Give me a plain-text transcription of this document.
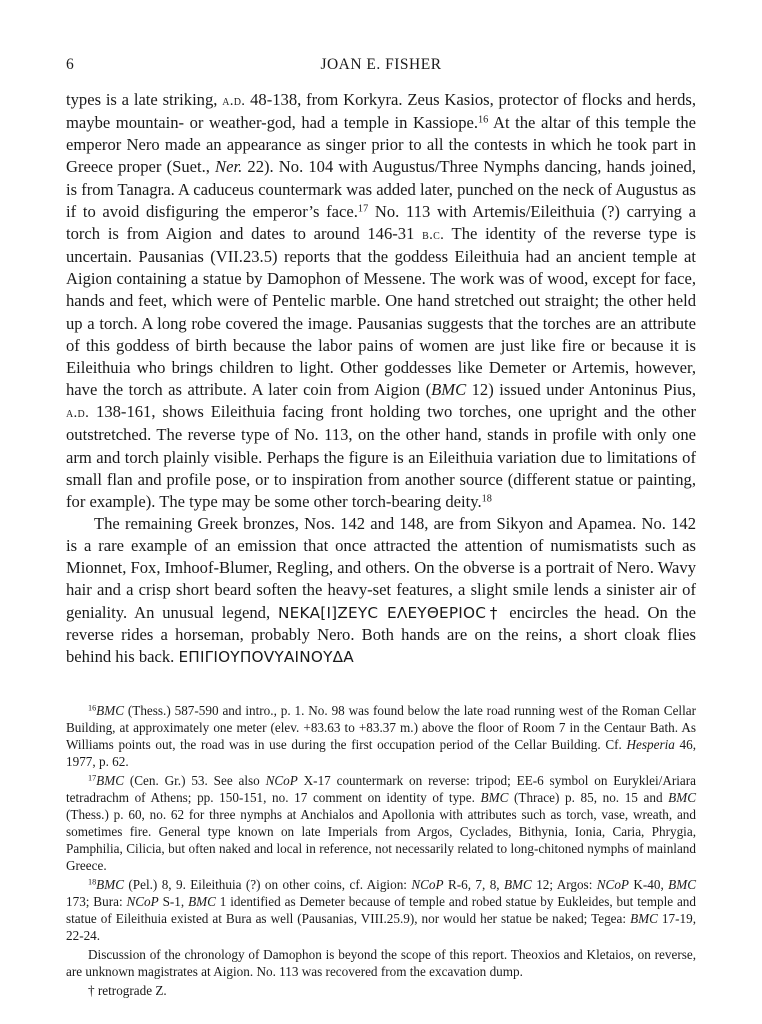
6	JOAN E. FISHER

types is a late striking, a.d. 48-138, from Korkyra. Zeus Kasios, protector of flocks and herds, maybe mountain- or weather-god, had a temple in Kassiope.$^{16}$ At the altar of this temple the emperor Nero made an appearance as singer prior to all the contests in which he took part in Greece proper (Suet., Ner. 22). No. 104 with Augustus/Three Nymphs dancing, hands joined, is from Tanagra. A caduceus countermark was added later, punched on the neck of Augustus as if to avoid disfiguring the emperor’s face.$^{17}$ No. 113 with Artemis/Eileithuia (?) carrying a torch is from Aigion and dates to around 146-31 b.c. The identity of the reverse type is uncertain. Pausanias (VII.23.5) reports that the goddess Eileithuia had an ancient temple at Aigion containing a statue by Damophon of Messene. The work was of wood, except for face, hands and feet, which were of Pentelic marble. One hand stretched out straight; the other held up a torch. A long robe covered the image. Pausanias suggests that the torches are an attribute of this goddess of birth because the labor pains of women are just like fire or because it is Eileithuia who brings children to light. Other goddesses like Demeter or Artemis, however, have the torch as attribute. A later coin from Aigion (BMC 12) issued under Antoninus Pius, a.d. 138-161, shows Eileithuia facing front holding two torches, one upright and the other outstretched. The reverse type of No. 113, on the other hand, stands in profile with only one arm and torch plainly visible. Perhaps the figure is an Eileithuia variation due to limitations of small flan and profile pose, or to inspiration from another source (different statue or painting, for example). The type may be some other torch-bearing deity.$^{18}$

The remaining Greek bronzes, Nos. 142 and 148, are from Sikyon and Apamea. No. 142 is a rare example of an emission that once attracted the attention of numismatists such as Mionnet, Fox, Imhoof-Blumer, Regling, and others. On the obverse is a portrait of Nero. Wavy hair and a crisp short beard soften the heavy-set features, a slight smile lends a sinister air of geniality. An unusual legend, ΝΕΚΑ[Ι]ΖΕΥC ΕΛΕΥΘΕΡΙΟC† encircles the head. On the reverse rides a horseman, probably Nero. Both hands are on the reins, a short cloak flies behind his back. ΕΠΙΓΙΟΥΠΟVΥΑΙΝΟΥΔΑ

$^{16}$BMC (Thess.) 587-590 and intro., p. 1. No. 98 was found below the late road running west of the Roman Cellar Building, at approximately one meter (elev. +83.63 to +83.37 m.) above the floor of Room 7 in the Centaur Bath. As Williams points out, the road was in use during the first occupation period of the Cellar Building. Cf. Hesperia 46, 1977, p. 62.

$^{17}$BMC (Cen. Gr.) 53. See also NCoP X-17 countermark on reverse: tripod; EE-6 symbol on Euryklei/Ariara tetradrachm of Athens; pp. 150-151, no. 17 comment on identity of type. BMC (Thrace) p. 85, no. 15 and BMC (Thess.) p. 60, no. 62 for three nymphs at Anchialos and Apollonia with attributes such as torch, vase, wreath, and sometimes fire. General type known on late Imperials from Argos, Cyclades, Bithynia, Ionia, Caria, Phrygia, Pamphilia, Cilicia, but often naked and local in reference, not necessarily related to long-chitoned nymphs of mainland Greece.

$^{18}$BMC (Pel.) 8, 9. Eileithuia (?) on other coins, cf. Aigion: NCoP R-6, 7, 8, BMC 12; Argos: NCoP K-40, BMC 173; Bura: NCoP S-1, BMC 1 identified as Demeter because of temple and robed statue by Eukleides, but temple and statue of Eileithuia existed at Bura as well (Pausanias, VIII.25.9), nor would her statue be naked; Tegea: BMC 17-19, 22-24.

Discussion of the chronology of Damophon is beyond the scope of this report. Theoxios and Kletaios, on reverse, are unknown magistrates at Aigion. No. 113 was recovered from the excavation dump.

† retrograde Z.
